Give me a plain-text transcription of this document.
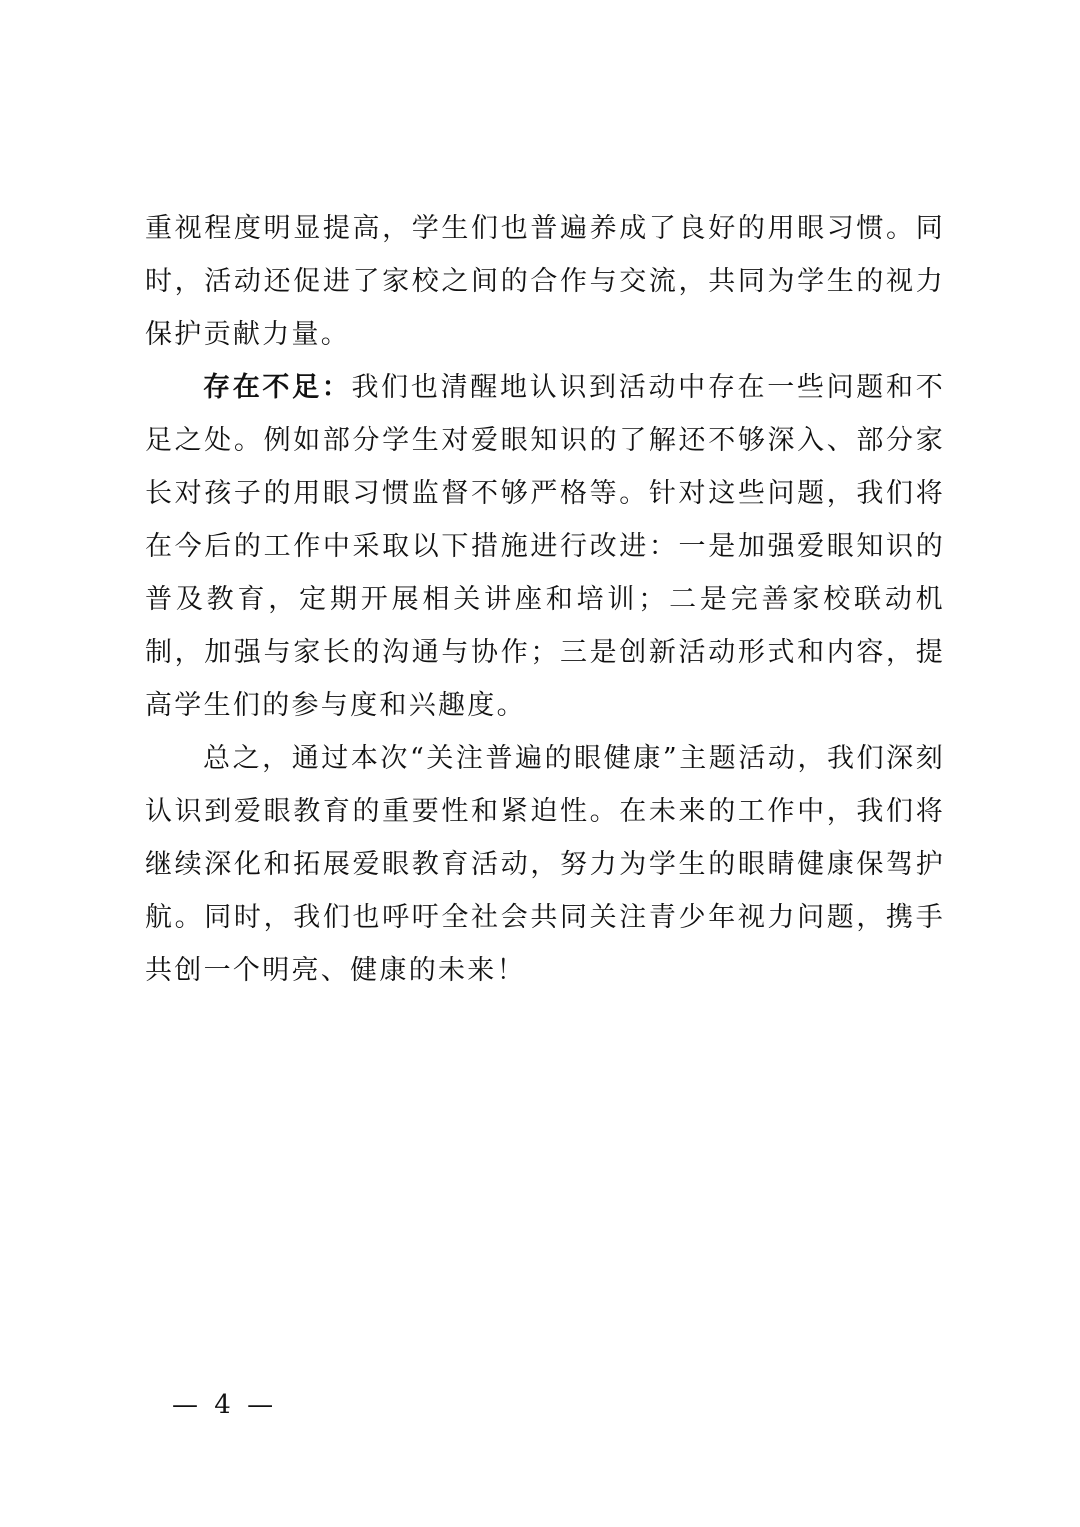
重视程度明显提高，学生们也普遍养成了良好的用眼习惯。同时，活动还促进了家校之间的合作与交流，共同为学生的视力保护贡献力量。

存在不足：我们也清醒地认识到活动中存在一些问题和不足之处。例如部分学生对爱眼知识的了解还不够深入、部分家长对孩子的用眼习惯监督不够严格等。针对这些问题，我们将在今后的工作中采取以下措施进行改进：一是加强爱眼知识的普及教育，定期开展相关讲座和培训；二是完善家校联动机制，加强与家长的沟通与协作；三是创新活动形式和内容，提高学生们的参与度和兴趣度。

总之，通过本次“关注普遍的眼健康”主题活动，我们深刻认识到爱眼教育的重要性和紧迫性。在未来的工作中，我们将继续深化和拓展爱眼教育活动，努力为学生的眼睛健康保驾护航。同时，我们也呼吁全社会共同关注青少年视力问题，携手共创一个明亮、健康的未来！

— 4 —
